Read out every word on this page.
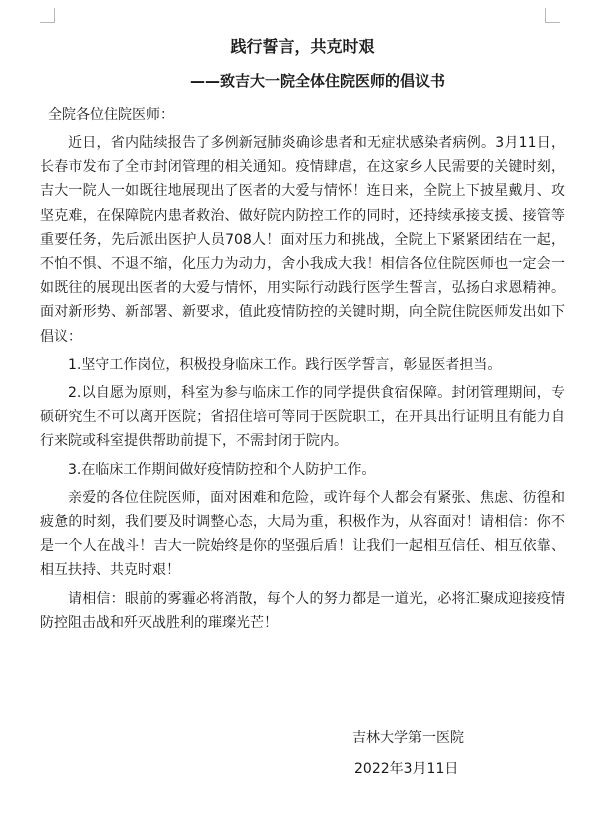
践行誓言，共克时艰
——致吉大一院全体住院医师的倡议书
全院各位住院医师：

近日，省内陆续报告了多例新冠肺炎确诊患者和无症状感染者病例。3月11日，长春市发布了全市封闭管理的相关通知。疫情肆虐，在这家乡人民需要的关键时刻，吉大一院人一如既往地展现出了医者的大爱与情怀！连日来，全院上下披星戴月、攻坚克难，在保障院内患者救治、做好院内防控工作的同时，还持续承接支援、接管等重要任务，先后派出医护人员708人！面对压力和挑战，全院上下紧紧团结在一起，不怕不惧、不退不缩，化压力为动力，舍小我成大我！相信各位住院医师也一定会一如既往的展现出医者的大爱与情怀，用实际行动践行医学生誓言，弘扬白求恩精神。面对新形势、新部署、新要求，值此疫情防控的关键时期，向全院住院医师发出如下倡议：

1.坚守工作岗位，积极投身临床工作。践行医学誓言，彰显医者担当。

2.以自愿为原则，科室为参与临床工作的同学提供食宿保障。封闭管理期间，专硕研究生不可以离开医院；省招住培可等同于医院职工，在开具出行证明且有能力自行来院或科室提供帮助前提下，不需封闭于院内。

3.在临床工作期间做好疫情防控和个人防护工作。

亲爱的各位住院医师，面对困难和危险，或许每个人都会有紧张、焦虑、彷徨和疲惫的时刻，我们要及时调整心态，大局为重，积极作为，从容面对！请相信：你不是一个人在战斗！吉大一院始终是你的坚强后盾！让我们一起相互信任、相互依靠、相互扶持、共克时艰！

请相信：眼前的雾霾必将消散，每个人的努力都是一道光，必将汇聚成迎接疫情防控阻击战和歼灭战胜利的璀璨光芒！

吉林大学第一医院
2022年3月11日
